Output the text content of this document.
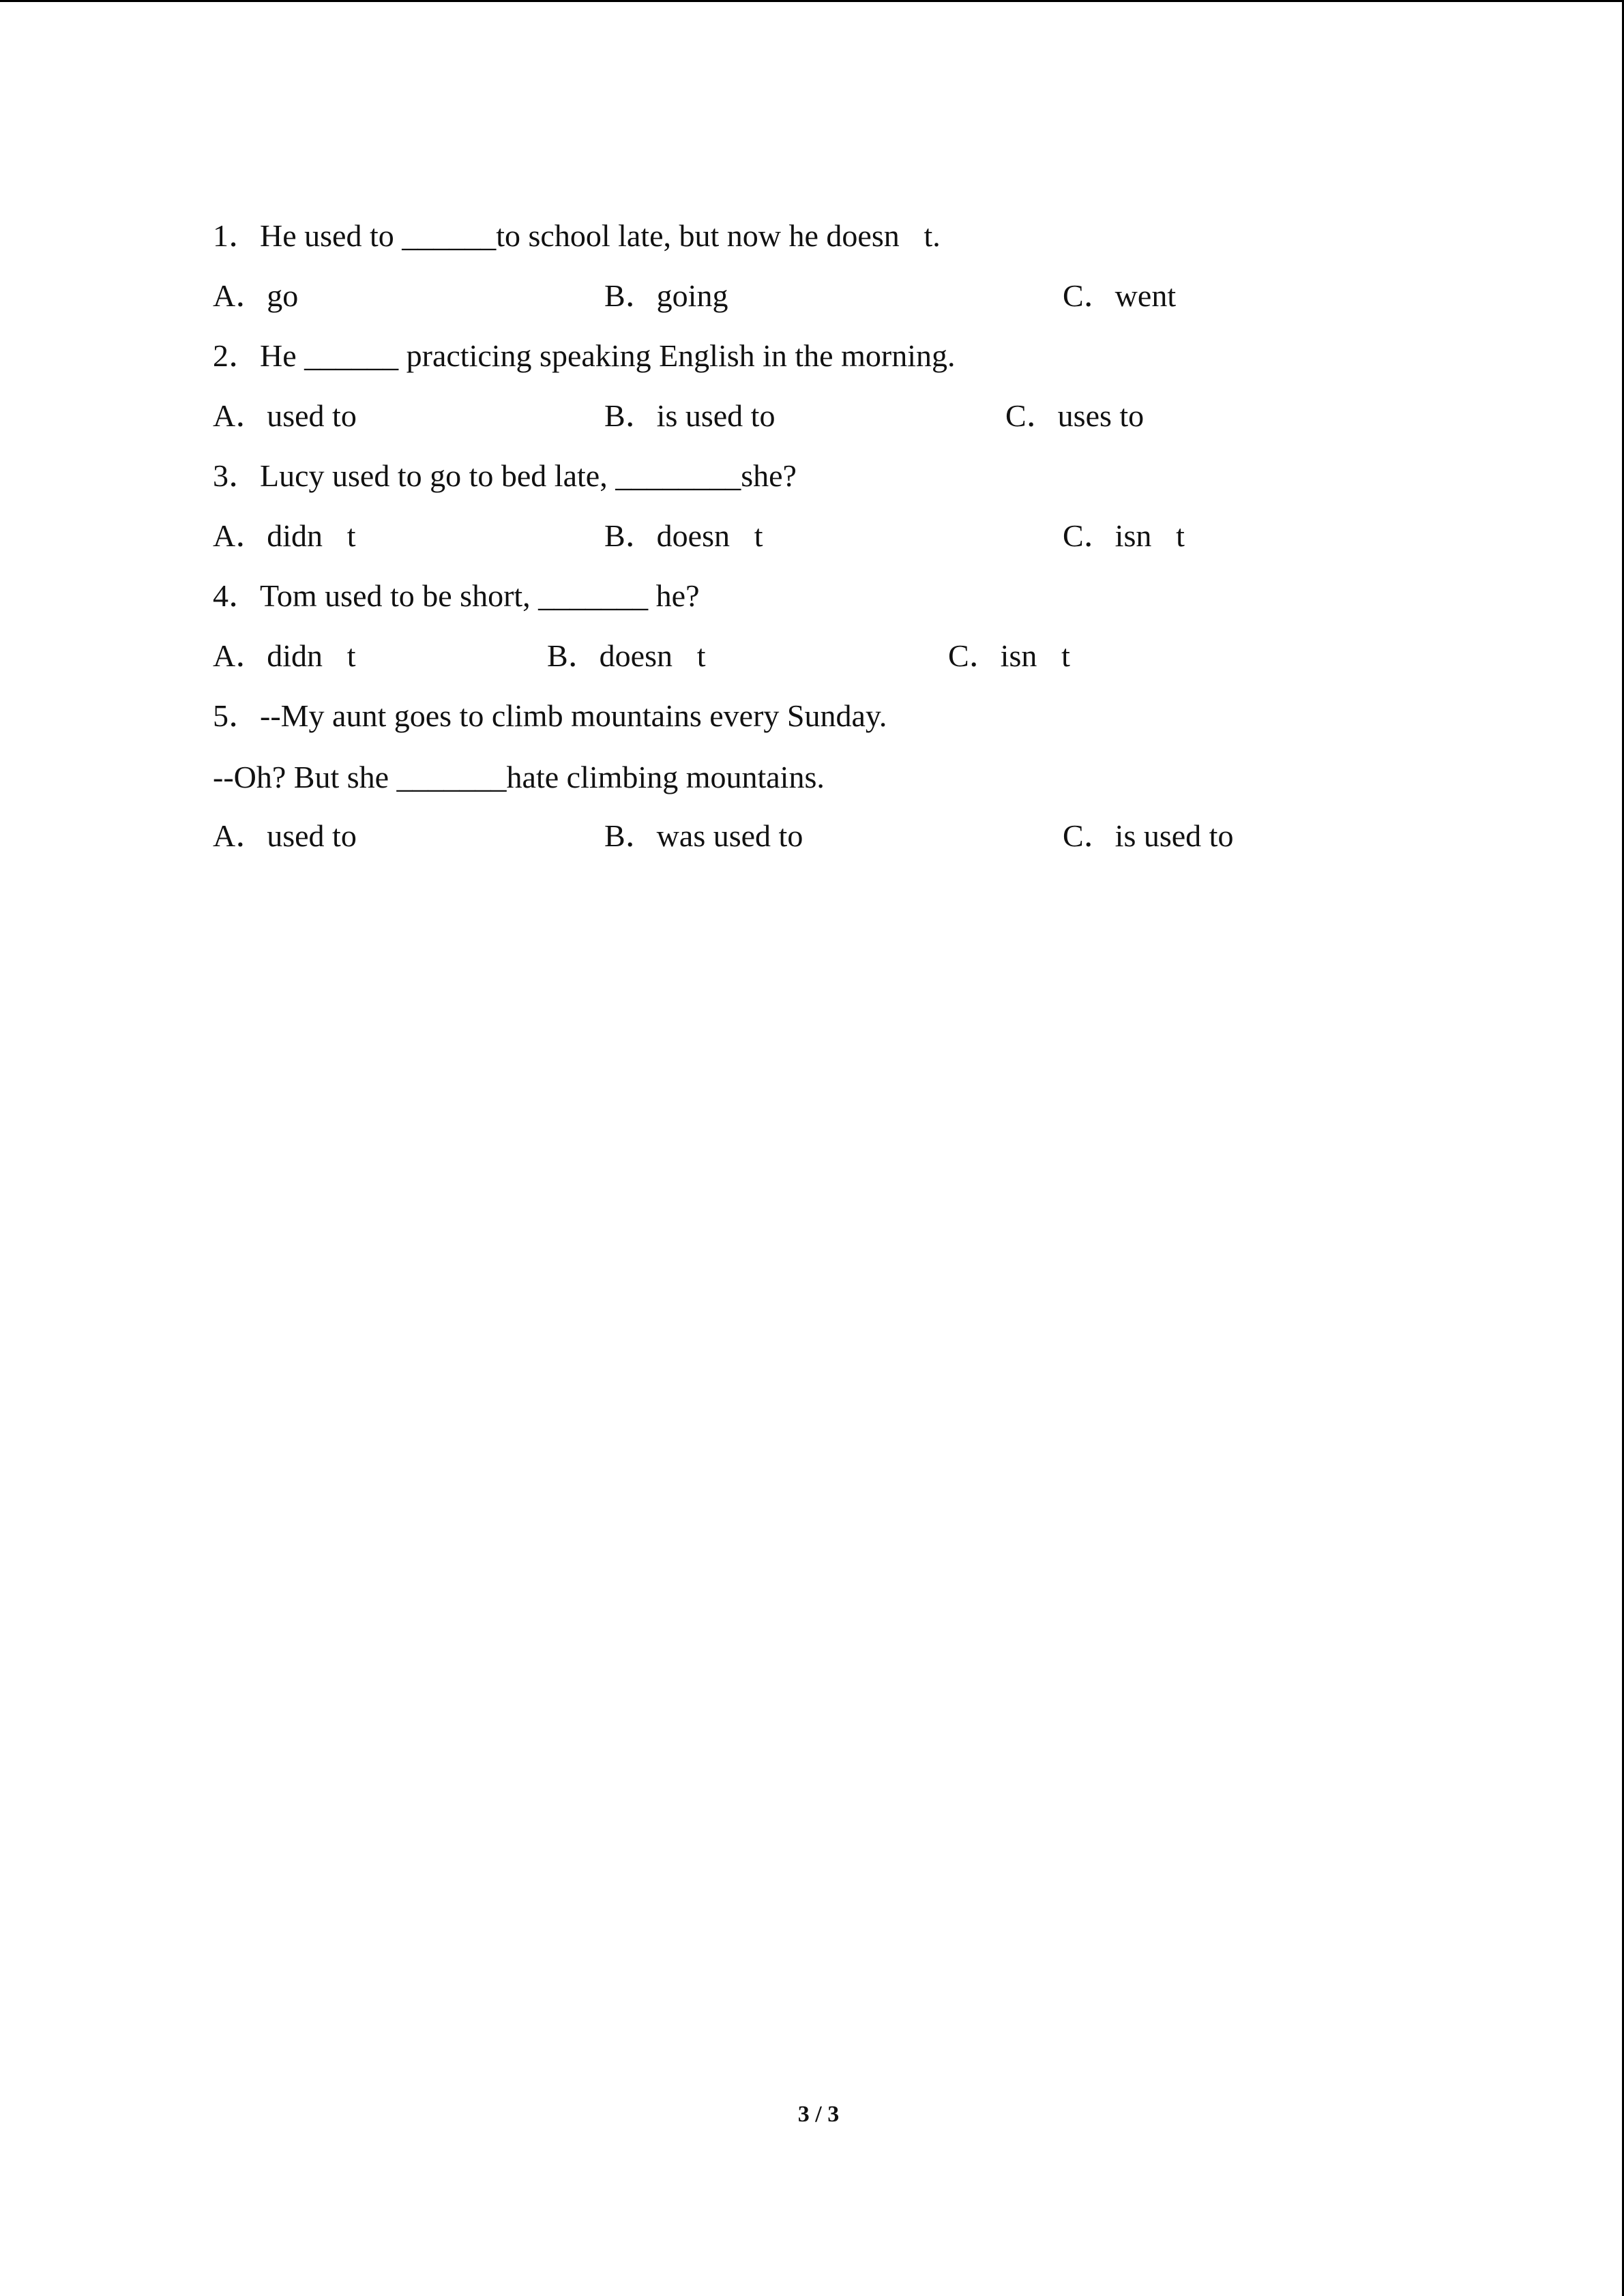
1．He used to ______to school late, but now he doesn t.
A．go	B．going	C．went
2．He ______ practicing speaking English in the morning.
A．used to	B．is used to	C．uses to
3．Lucy used to go to bed late, ________she?
A．didn t	B．doesn t	C．isn t
4．Tom used to be short, _______ he?
A．didn t	B．doesn t	C．isn t
5．--My aunt goes to climb mountains every Sunday.
--Oh? But she _______hate climbing mountains.
A．used to	B．was used to	C．is used to
3 / 3
